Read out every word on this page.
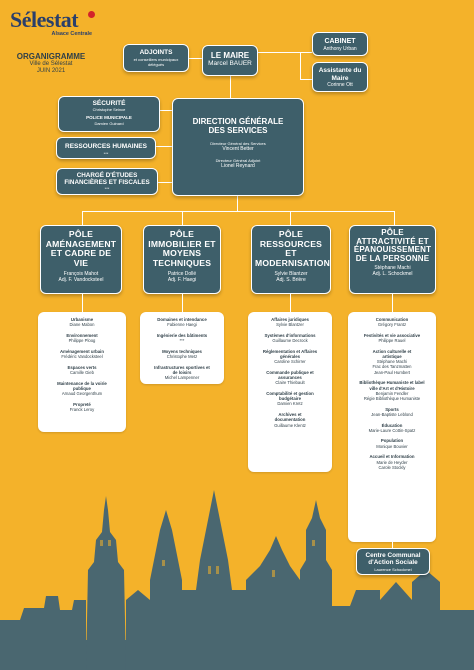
Sélestat
Alsace Centrale
ORGANIGRAMME
Ville de Sélestat
JUIN 2021
ADJOINTS
et conseillers municipaux délégués
LE MAIRE
Marcel BAUER
CABINET
Anthony Urban
Assistante du Maire
Corinne Ott
SÉCURITÉ
Christophe Seince
POLICE MUNICIPALE
Damien Guinard
RESSOURCES HUMAINES
***
CHARGÉ D'ÉTUDES FINANCIÈRES ET FISCALES
***
DIRECTION GÉNÉRALE DES SERVICES
Directeur Général des Services
Vincent Better
Directeur Général Adjoint
Lionel Reynard
PÔLE AMÉNAGEMENT ET CADRE DE VIE
François Mahot
Adj. F. Vandocksteel
PÔLE IMMOBILIER ET MOYENS TECHNIQUES
Patrice Dollé
Adj. F. Haegi
PÔLE RESSOURCES ET MODERNISATION
Sylvie Blantzer
Adj. S. Brière
PÔLE ATTRACTIVITÉ ET ÉPANOUISSEMENT DE LA PERSONNE
Stéphane Machi
Adj. L. Schockmel
Urbanisme
Diane Mabon
Environnement
Philippe Ploog
Aménagement urbain
Frédéric Vandocksteel
Espaces verts
Camille Gieb
Maintenance de la voirie publique
Arnaud Georgenthum
Propreté
Franck Leroy
Domaines et intendance
Fabienne Haegi
Ingénierie des bâtiments
***
Moyens techniques
Christophe Metz
Infrastructures sportives et de loisirs
Michel Lampenner
Affaires juridiques
Sylvie Blantzer
Systèmes d'informations
Guillaume Decrock
Réglementation et Affaires générales
Caroline Schirrer
Commande publique et assurances
Claire Thiebault
Comptabilité et gestion budgétaire
Damien Kretz
Archives et documentation
Guillaume Klentz
Communication
Grégory Frantz
Festivités et vie associative
Philippe Rauel
Action culturelle et artistique
Stéphane Machi
Frac des Tanzmatten
Jean-Paul Humbert
Bibliothèque Humaniste et label ville d'Art et d'Histoire
Benjamin Fendler
Régie Bibliothèque Humaniste
Sports
Jean-Baptiste Leblond
Éducation
Marie-Laure Cottin-Spatz
Population
Monique Bouvier
Accueil et Information
Marie de Heyder
Carole Stockly
Centre Communal d'Action Sociale
Laurence Schockmel
